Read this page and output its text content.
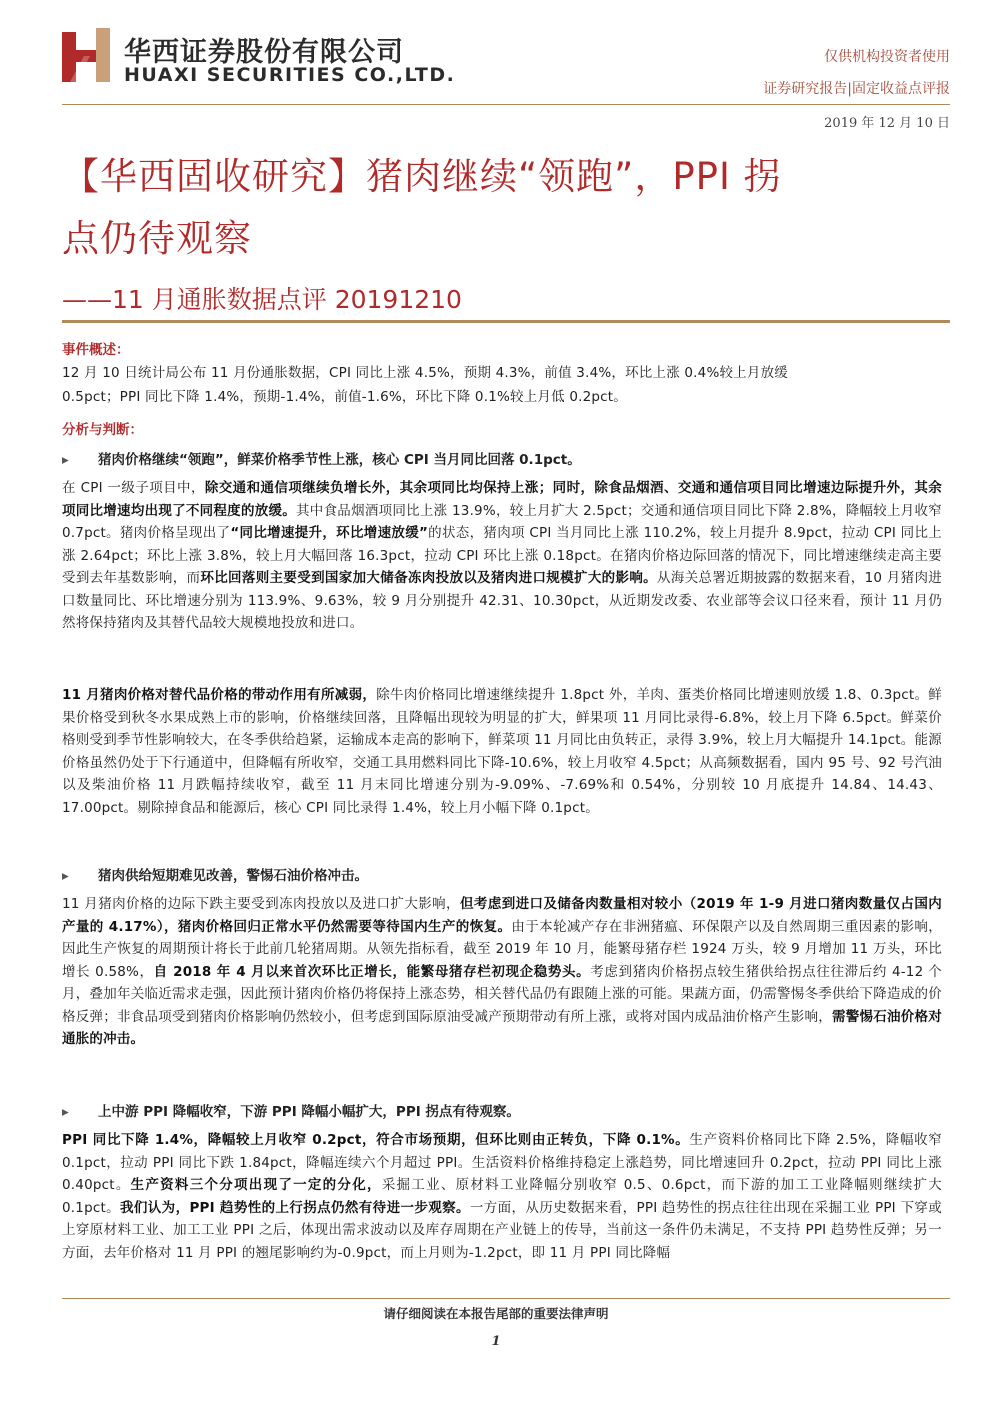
华西证券股份有限公司
HUAXI SECURITIES CO.,LTD.
仅供机构投资者使用
证券研究报告|固定收益点评报
2019 年 12 月 10 日
【华西固收研究】猪肉继续“领跑”，PPI 拐
点仍待观察
——11 月通胀数据点评 20191210
事件概述：
12 月 10 日统计局公布 11 月份通胀数据，CPI 同比上涨 4.5%，预期 4.3%，前值 3.4%，环比上涨 0.4%较上月放缓
0.5pct；PPI 同比下降 1.4%，预期-1.4%，前值-1.6%，环比下降 0.1%较上月低 0.2pct。
分析与判断：
▸ 猪肉价格继续“领跑”，鲜菜价格季节性上涨，核心 CPI 当月同比回落 0.1pct。
在 CPI 一级子项目中，除交通和通信项继续负增长外，其余项同比均保持上涨；同时，除食品烟酒、交通和通信项目同比增速边际提升外，其余项同比增速均出现了不同程度的放缓。其中食品烟酒项同比上涨 13.9%，较上月扩大 2.5pct；交通和通信项目同比下降 2.8%，降幅较上月收窄 0.7pct。猪肉价格呈现出了“同比增速提升，环比增速放缓”的状态，猪肉项 CPI 当月同比上涨 110.2%，较上月提升 8.9pct，拉动 CPI 同比上涨 2.64pct；环比上涨 3.8%，较上月大幅回落 16.3pct，拉动 CPI 环比上涨 0.18pct。在猪肉价格边际回落的情况下，同比增速继续走高主要受到去年基数影响，而环比回落则主要受到国家加大储备冻肉投放以及猪肉进口规模扩大的影响。从海关总署近期披露的数据来看，10 月猪肉进口数量同比、环比增速分别为 113.9%、9.63%，较 9 月分别提升 42.31、10.30pct，从近期发改委、农业部等会议口径来看，预计 11 月仍然将保持猪肉及其替代品较大规模地投放和进口。
11 月猪肉价格对替代品价格的带动作用有所减弱，除牛肉价格同比增速继续提升 1.8pct 外，羊肉、蛋类价格同比增速则放缓 1.8、0.3pct。鲜果价格受到秋冬水果成熟上市的影响，价格继续回落，且降幅出现较为明显的扩大，鲜果项 11 月同比录得-6.8%，较上月下降 6.5pct。鲜菜价格则受到季节性影响较大，在冬季供给趋紧，运输成本走高的影响下，鲜菜项 11 月同比由负转正，录得 3.9%，较上月大幅提升 14.1pct。能源价格虽然仍处于下行通道中，但降幅有所收窄，交通工具用燃料同比下降-10.6%，较上月收窄 4.5pct；从高频数据看，国内 95 号、92 号汽油以及柴油价格 11 月跌幅持续收窄，截至 11 月末同比增速分别为-9.09%、-7.69%和 0.54%，分别较 10 月底提升 14.84、14.43、17.00pct。剔除掉食品和能源后，核心 CPI 同比录得 1.4%，较上月小幅下降 0.1pct。
▸ 猪肉供给短期难见改善，警惕石油价格冲击。
11 月猪肉价格的边际下跌主要受到冻肉投放以及进口扩大影响，但考虑到进口及储备肉数量相对较小（2019 年 1-9 月进口猪肉数量仅占国内产量的 4.17%），猪肉价格回归正常水平仍然需要等待国内生产的恢复。由于本轮减产存在非洲猪瘟、环保限产以及自然周期三重因素的影响，因此生产恢复的周期预计将长于此前几轮猪周期。从领先指标看，截至 2019 年 10 月，能繁母猪存栏 1924 万头，较 9 月增加 11 万头，环比增长 0.58%，自 2018 年 4 月以来首次环比正增长，能繁母猪存栏初现企稳势头。考虑到猪肉价格拐点较生猪供给拐点往往滞后约 4-12 个月，叠加年关临近需求走强，因此预计猪肉价格仍将保持上涨态势，相关替代品仍有跟随上涨的可能。果蔬方面，仍需警惕冬季供给下降造成的价格反弹；非食品项受到猪肉价格影响仍然较小，但考虑到国际原油受减产预期带动有所上涨，或将对国内成品油价格产生影响，需警惕石油价格对通胀的冲击。
▸ 上中游 PPI 降幅收窄，下游 PPI 降幅小幅扩大，PPI 拐点有待观察。
PPI 同比下降 1.4%，降幅较上月收窄 0.2pct，符合市场预期，但环比则由正转负，下降 0.1%。生产资料价格同比下降 2.5%，降幅收窄 0.1pct，拉动 PPI 同比下跌 1.84pct，降幅连续六个月超过 PPI。生活资料价格维持稳定上涨趋势，同比增速回升 0.2pct，拉动 PPI 同比上涨 0.40pct。生产资料三个分项出现了一定的分化，采掘工业、原材料工业降幅分别收窄 0.5、0.6pct，而下游的加工工业降幅则继续扩大 0.1pct。我们认为，PPI 趋势性的上行拐点仍然有待进一步观察。一方面，从历史数据来看，PPI 趋势性的拐点往往出现在采掘工业 PPI 下穿或上穿原材料工业、加工工业 PPI 之后，体现出需求波动以及库存周期在产业链上的传导，当前这一条件仍未满足，不支持 PPI 趋势性反弹；另一方面，去年价格对 11 月 PPI 的翘尾影响约为-0.9pct，而上月则为-1.2pct，即 11 月 PPI 同比降幅
请仔细阅读在本报告尾部的重要法律声明
1
